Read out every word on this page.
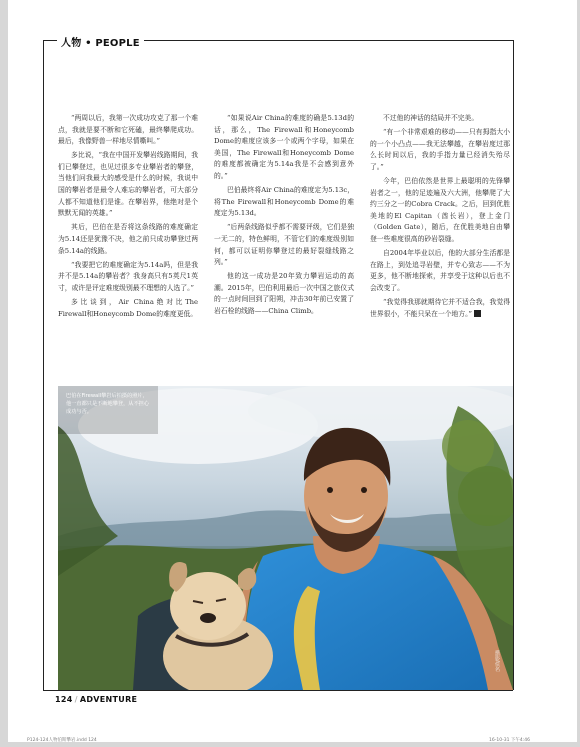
人物 • PEOPLE

“两周以后，我第一次成功攻克了那一个难点，我就是要不断和它死磕，最终攀爬成功。最后，我像野兽一样地尽情嘶叫。”

多比说，“我在中国开发攀岩线路期间，我们已攀登过，也见过很多专业攀岩者的攀登，当他们问我最大的感受是什么的时候，我说中国的攀岩者是最令人难忘的攀岩者，可大部分人都不知道他们是谁。在攀岩界，他绝对是个默默无闻的英雄。”

其后，巴伯在是否将这条线路的难度确定为5.14还是犹豫不决，他之前只成功攀登过两条5.14a的线路。

“我要把它的难度确定为5.14a吗，但是我并不是5.14a的攀岩者？我身高只有5英尺1英寸，或许是评定难度级别最不理想的人选了。”

多比谈到，Air China绝对比The Firewall和Honeycomb Dome的难度更低。

“如果说Air China的难度的确是5.13d的话，那么，The Firewall和Honeycomb Dome的难度应该多一个或两个字母，如果在美国，The Firewall和Honeycomb Dome的难度都被确定为5.14a我是不会感到意外的。”

巴伯最终将Air China的难度定为5.13c，将The Firewall和Honeycomb Dome的难度定为5.13d。

“后两条线路似乎都不需要评级，它们是独一无二的，特色鲜明，不管它们的难度级别如何，都可以证明你攀登过的最好裂缝线路之列。”

他的这一成功是20年致力攀岩运动的高潮。2015年，巴伯利用最后一次中国之旅仪式的一点时间回到了阳朔，冲击30年前已安置了岩石栓的线路——China Climb。

不过他的神话的结局并不完美。

“有一个非常艰难的移动——只有拇指大小的一个小凸点——我无法攀越，在攀岩度过那么长时间以后，我的手指力量已经消失殆尽了。”

今年，巴伯依然是世界上最聪明的先锋攀岩者之一，他的足迹遍及六大洲，他攀爬了大约三分之一的Cobra Crack。之后，回到优胜美地的El Capitan（酋长岩），登上金门（Golden Gate），随后，在优胜美地自由攀登一些难度很高的砂岩裂缝。

自2004年毕业以后，他的大部分生活都是在路上，到处追寻岩壁，并专心致志——不为更多，他不断地探索，并享受于这种以后也不会改变了。

“我觉得我那就期待它并不适合我，我觉得世界很小，不能只呆在一个地方。”

巴伯在Firewall攀岩后拍摄的照片，他一直都只是不断地攀登，从不担心成功与否。
摄影/佚名
124 / ADVENTURE
P124-124人物伯斯攀岩.indd 124	16-10-31 下午4:46
